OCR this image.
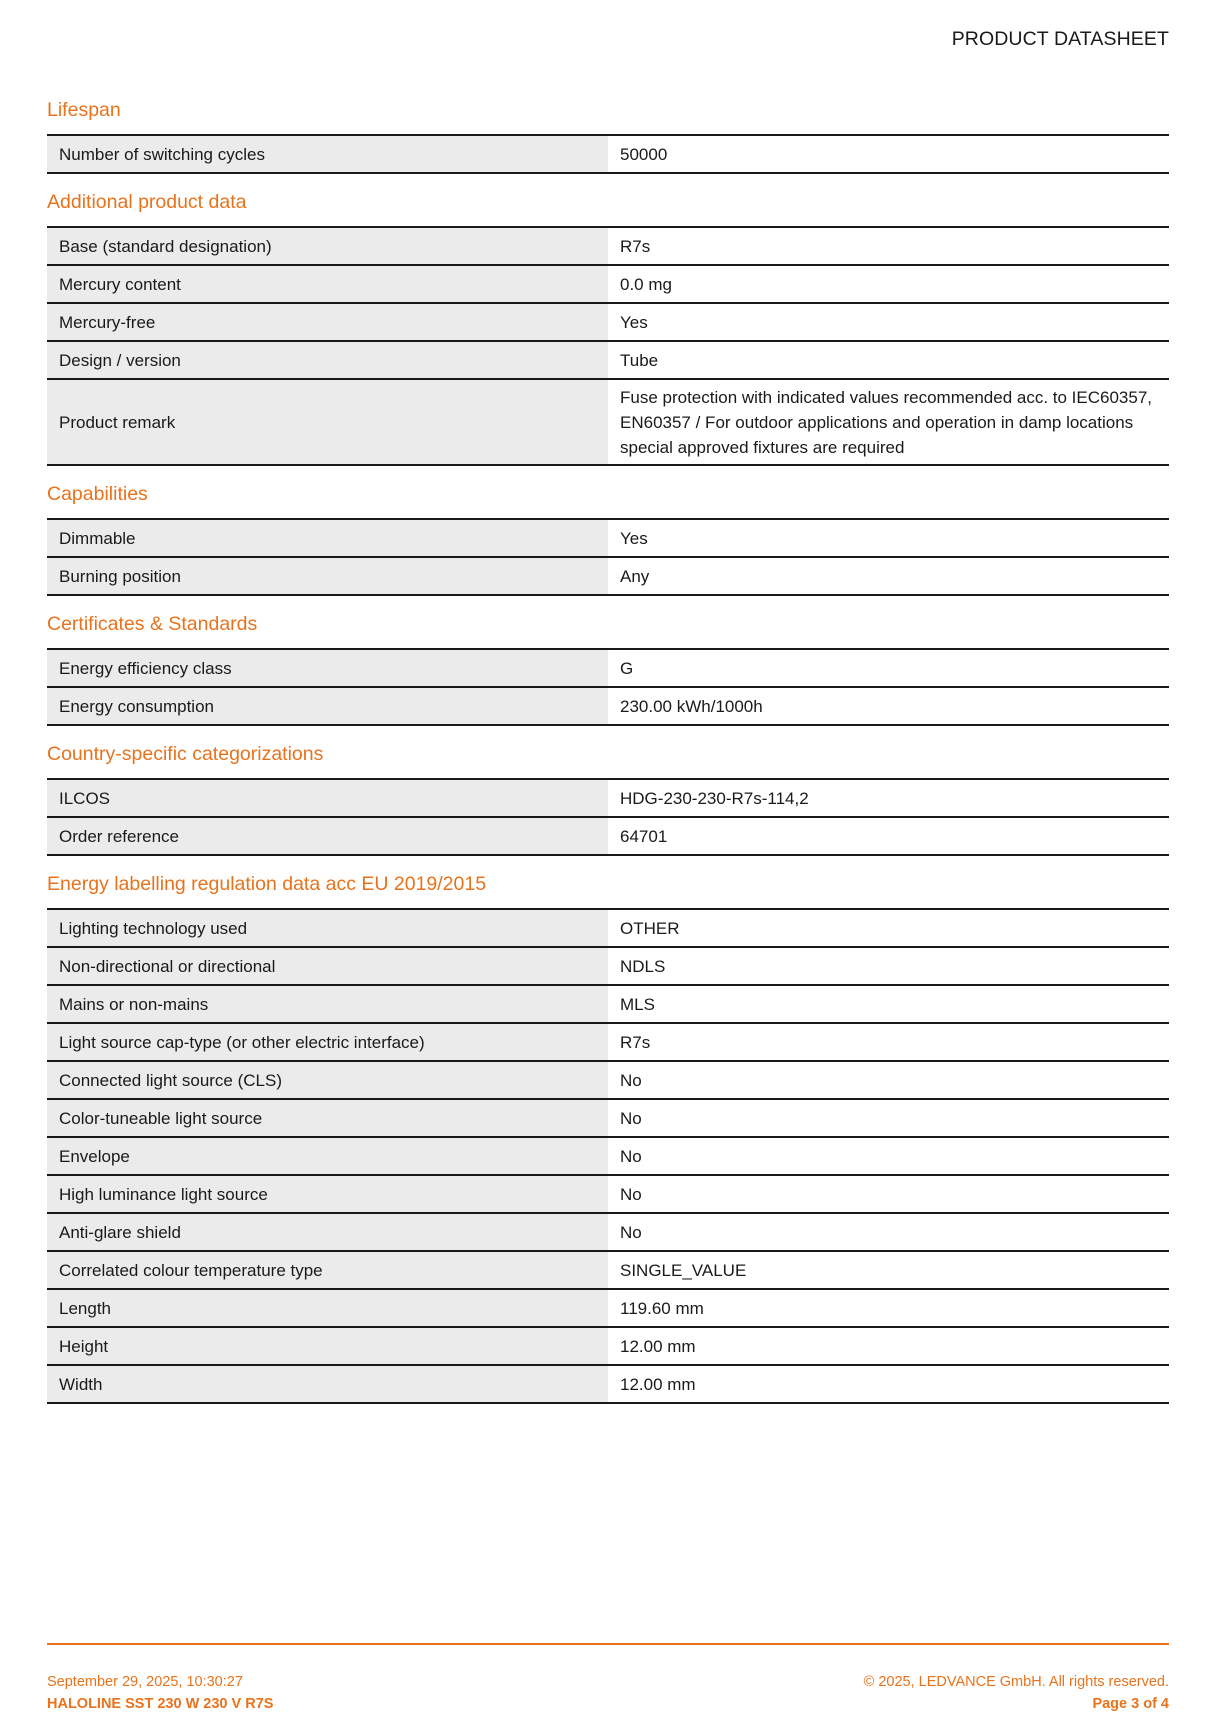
PRODUCT DATASHEET
Lifespan
Number of switching cycles	50000
Additional product data
Base (standard designation)	R7s
Mercury content	0.0 mg
Mercury-free	Yes
Design / version	Tube
Product remark	Fuse protection with indicated values recommended acc. to IEC60357, EN60357 / For outdoor applications and operation in damp locations special approved fixtures are required
Capabilities
Dimmable	Yes
Burning position	Any
Certificates & Standards
Energy efficiency class	G
Energy consumption	230.00 kWh/1000h
Country-specific categorizations
ILCOS	HDG-230-230-R7s-114,2
Order reference	64701
Energy labelling regulation data acc EU 2019/2015
Lighting technology used	OTHER
Non-directional or directional	NDLS
Mains or non-mains	MLS
Light source cap-type (or other electric interface)	R7s
Connected light source (CLS)	No
Color-tuneable light source	No
Envelope	No
High luminance light source	No
Anti-glare shield	No
Correlated colour temperature type	SINGLE_VALUE
Length	119.60 mm
Height	12.00 mm
Width	12.00 mm
September 29, 2025, 10:30:27
HALOLINE SST 230 W 230 V R7S
© 2025, LEDVANCE GmbH. All rights reserved.
Page 3 of 4
